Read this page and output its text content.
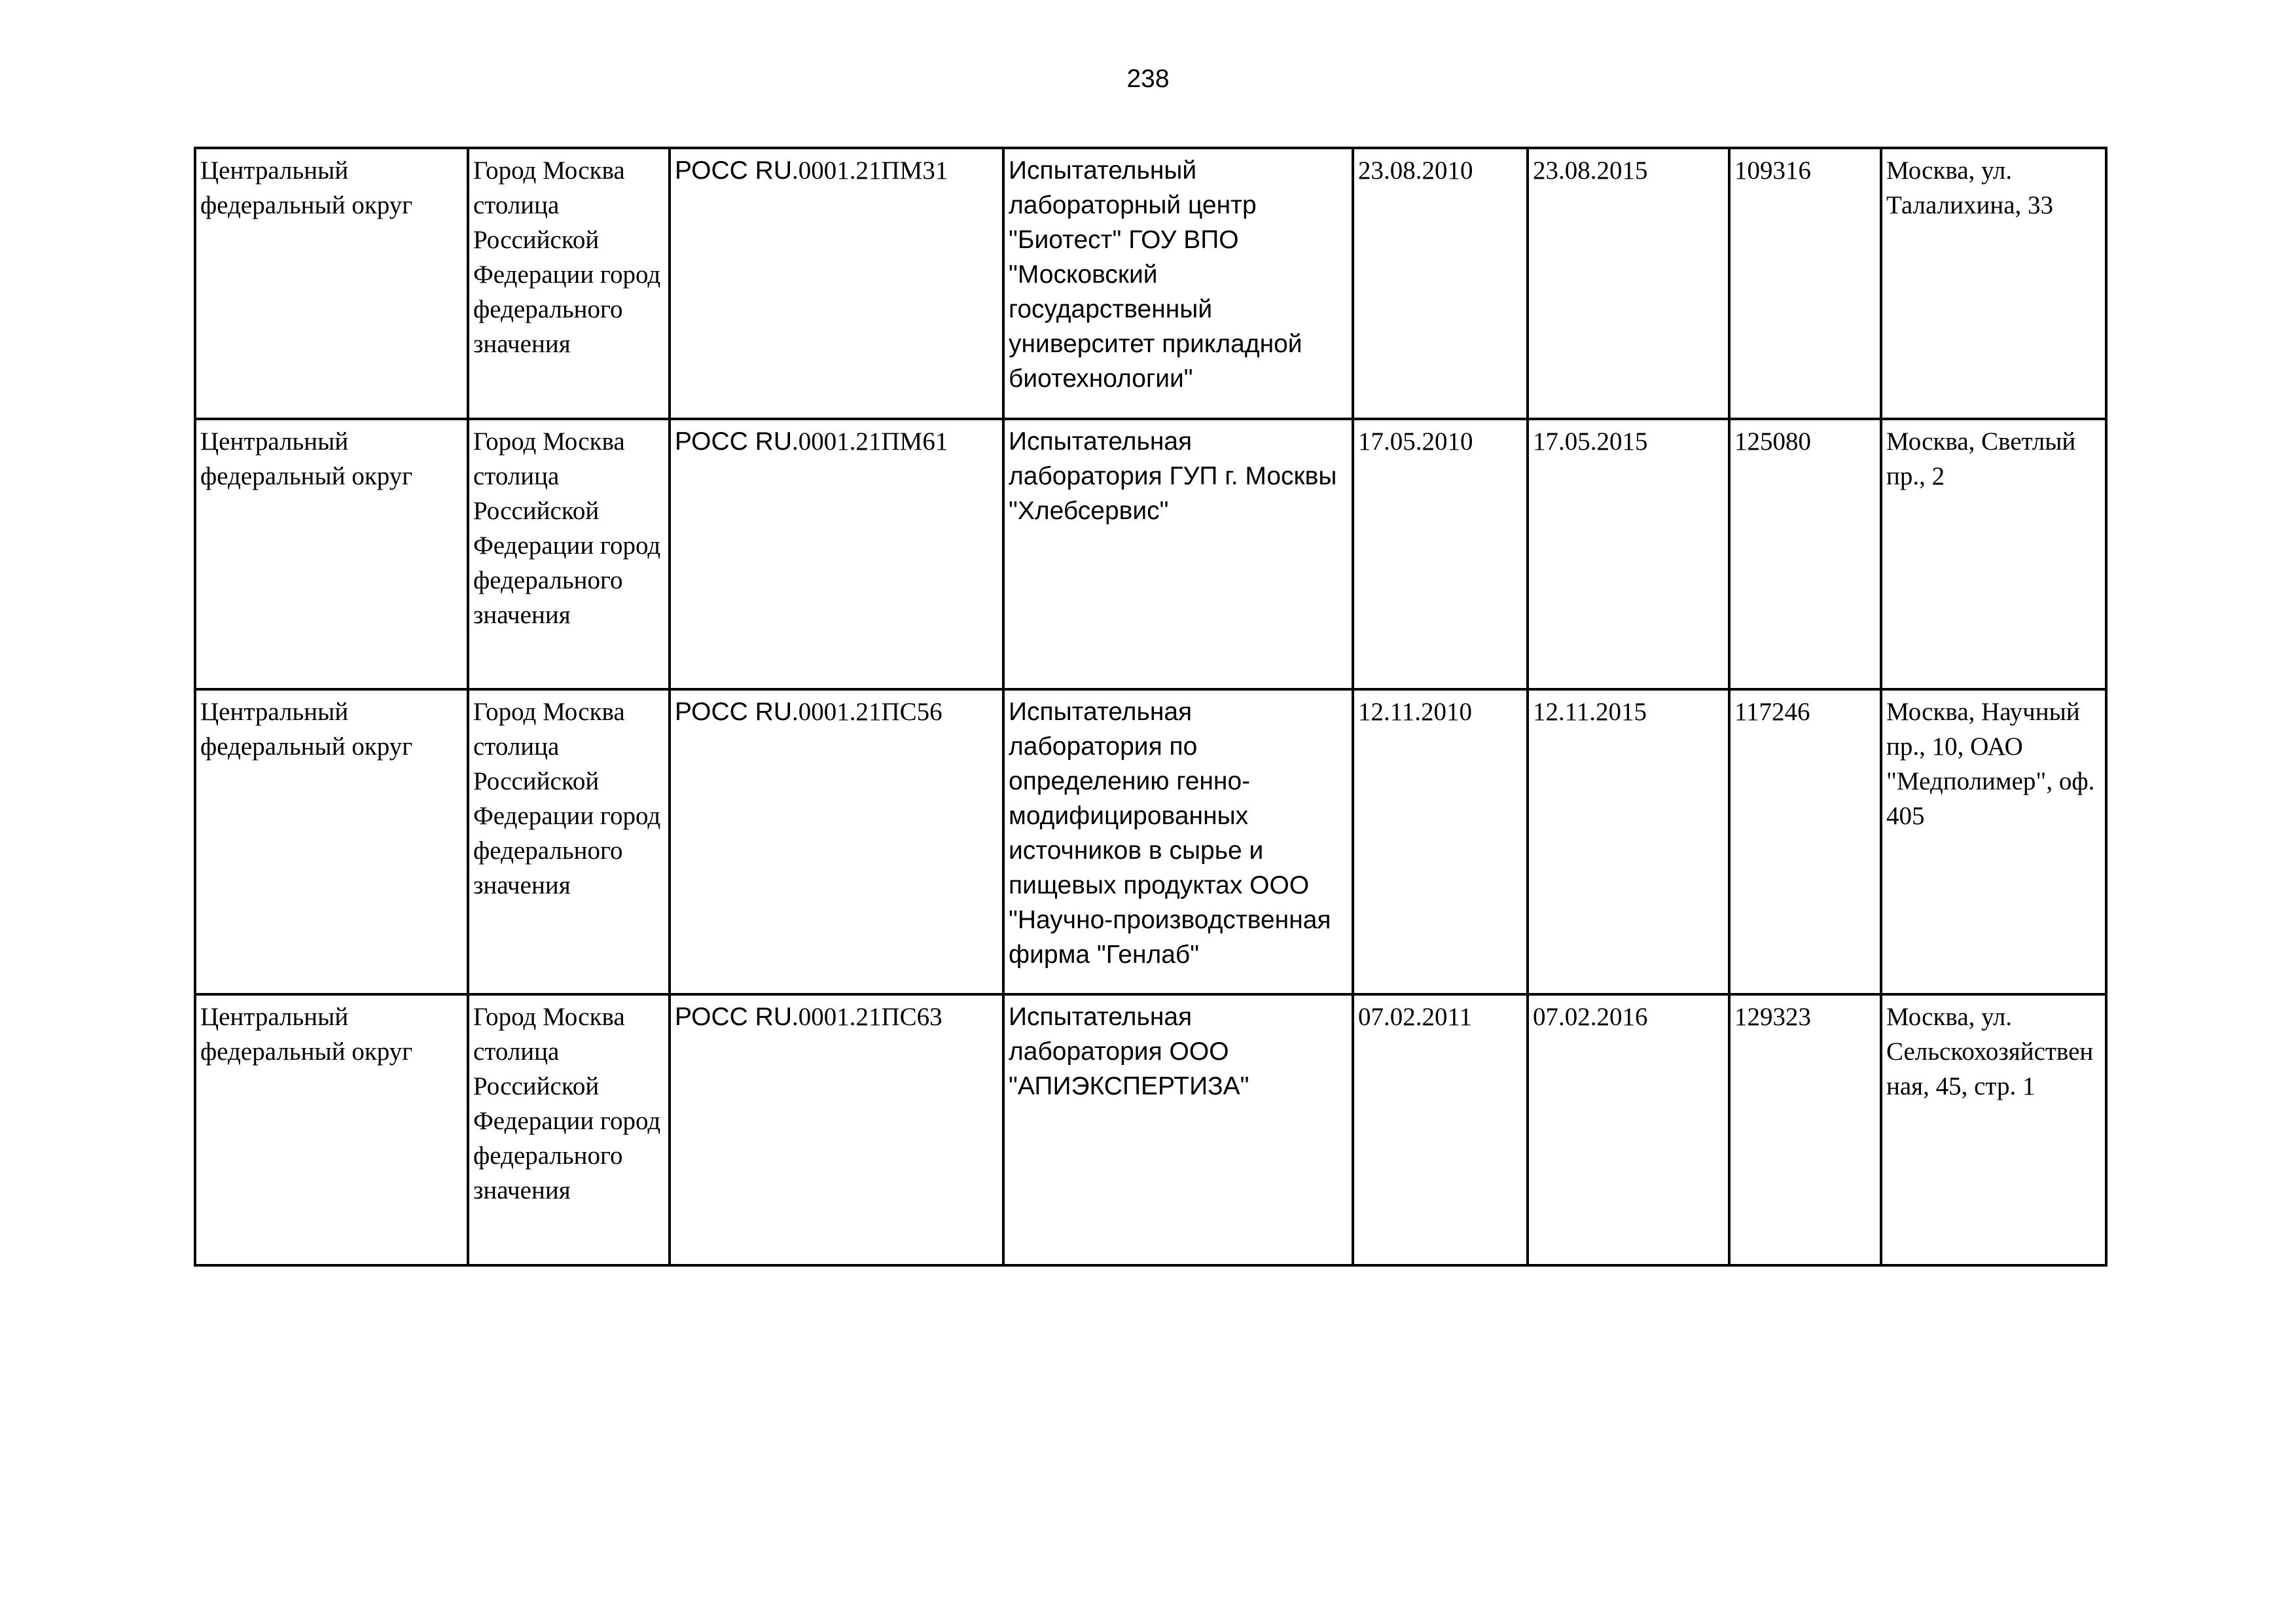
238
Центральный федеральный округ	Город Москва столица Российской Федерации город федерального значения	РОСС RU.0001.21ПМ31	Испытательный лабораторный центр "Биотест" ГОУ ВПО "Московский государственный университет прикладной биотехнологии"	23.08.2010	23.08.2015	109316	Москва, ул. Талалихина, 33

Центральный федеральный округ	Город Москва столица Российской Федерации город федерального значения	РОСС RU.0001.21ПМ61	Испытательная лаборатория ГУП г. Москвы "Хлебсервис"	17.05.2010	17.05.2015	125080	Москва, Светлый пр., 2

Центральный федеральный округ	Город Москва столица Российской Федерации город федерального значения	РОСС RU.0001.21ПС56	Испытательная лаборатория по определению генно-модифицированных источников в сырье и пищевых продуктах ООО "Научно-производственная фирма "Генлаб"	12.11.2010	12.11.2015	117246	Москва, Научный пр., 10, ОАО "Медполимер", оф. 405

Центральный федеральный округ	Город Москва столица Российской Федерации город федерального значения	РОСС RU.0001.21ПС63	Испытательная лаборатория ООО "АПИЭКСПЕРТИЗА"	07.02.2011	07.02.2016	129323	Москва, ул. Сельскохозяйственная, 45, стр. 1
